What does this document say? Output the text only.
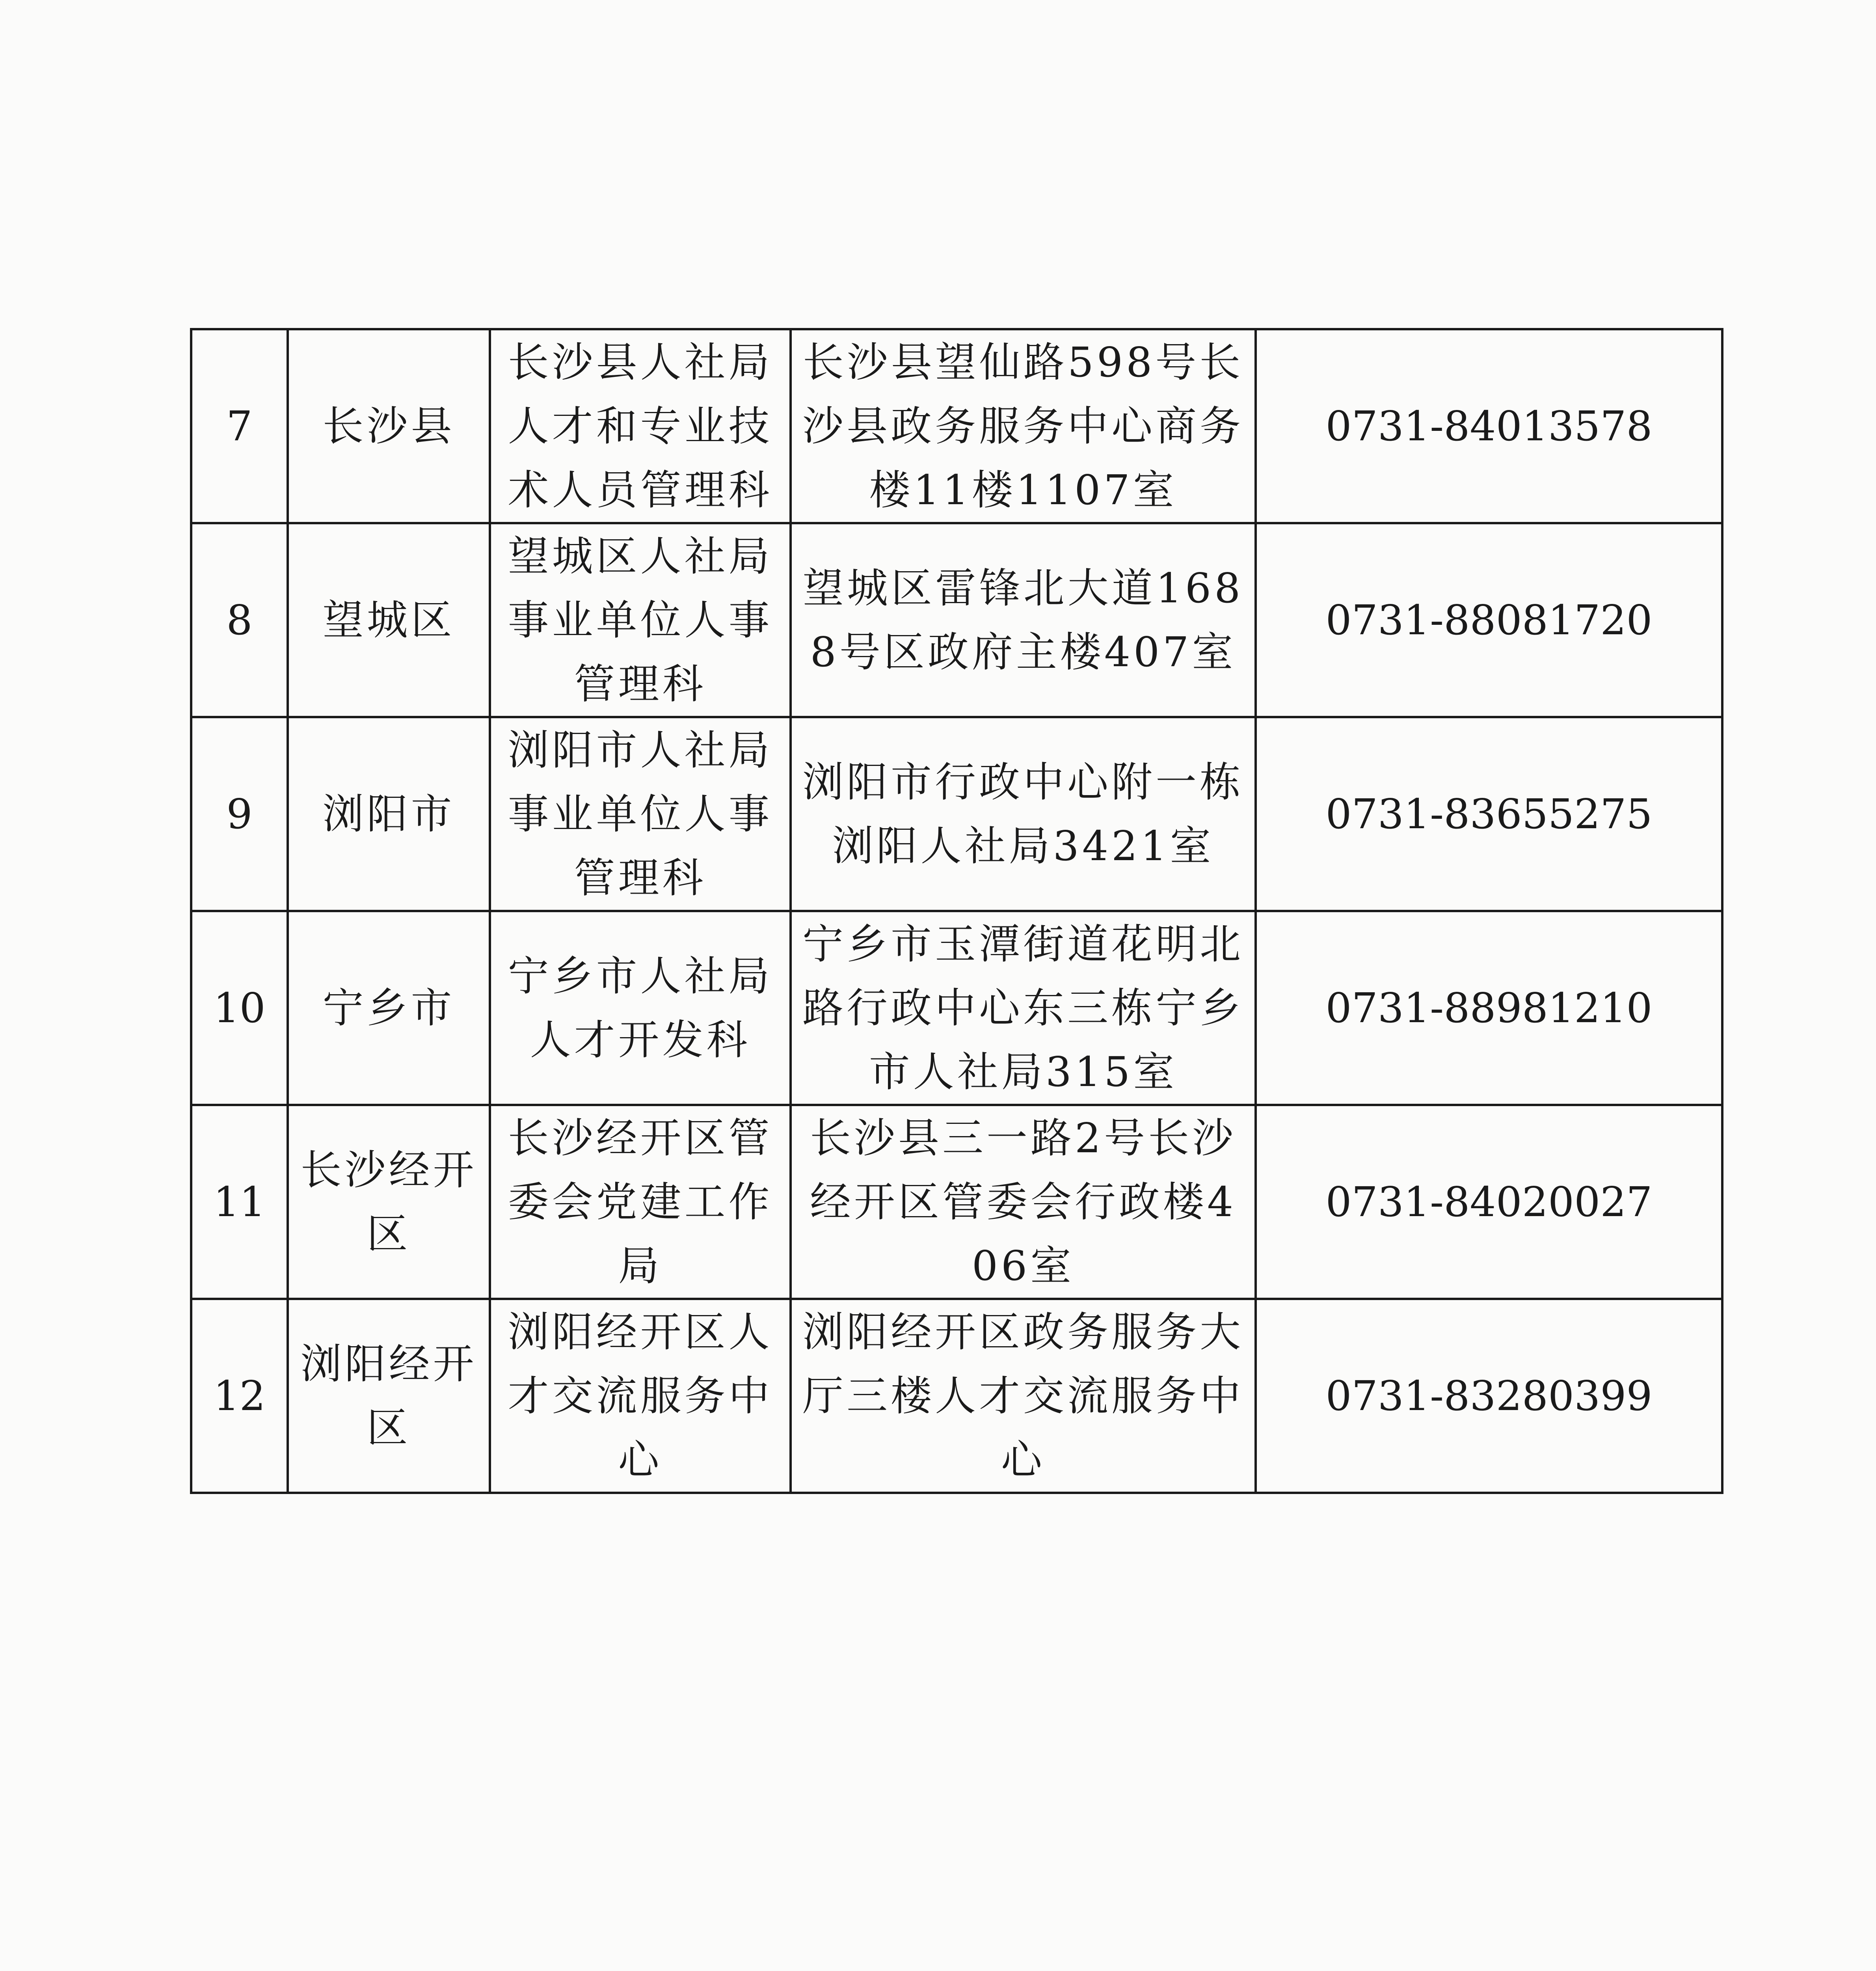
7	长沙县	长沙县人社局人才和专业技术人员管理科	长沙县望仙路598号长沙县政务服务中心商务楼11楼1107室	0731-84013578
8	望城区	望城区人社局事业单位人事管理科	望城区雷锋北大道1688号区政府主楼407室	0731-88081720
9	浏阳市	浏阳市人社局事业单位人事管理科	浏阳市行政中心附一栋浏阳人社局3421室	0731-83655275
10	宁乡市	宁乡市人社局人才开发科	宁乡市玉潭街道花明北路行政中心东三栋宁乡市人社局315室	0731-88981210
11	长沙经开区	长沙经开区管委会党建工作局	长沙县三一路2号长沙经开区管委会行政楼406室	0731-84020027
12	浏阳经开区	浏阳经开区人才交流服务中心	浏阳经开区政务服务大厅三楼人才交流服务中心	0731-83280399
